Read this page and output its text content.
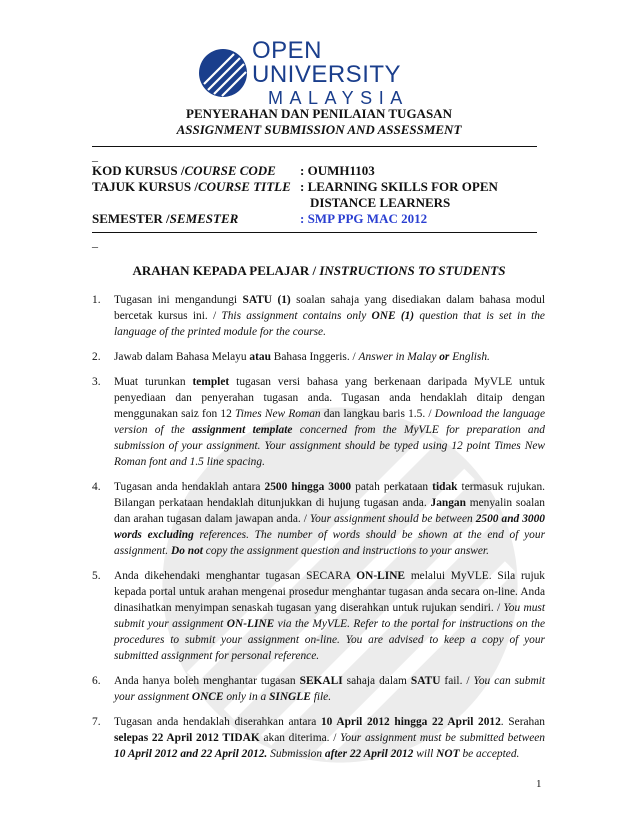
OPEN UNIVERSITY
MALAYSIA
PENYERAHAN DAN PENILAIAN TUGASAN
ASSIGNMENT SUBMISSION AND ASSESSMENT
_
KOD KURSUS /COURSE CODE : OUMH1103
TAJUK KURSUS /COURSE TITLE : LEARNING SKILLS FOR OPEN
DISTANCE LEARNERS
SEMESTER /SEMESTER	: SMP PPG MAC 2012
_
ARAHAN KEPADA PELAJAR / INSTRUCTIONS TO STUDENTS
1. Tugasan ini mengandungi SATU (1) soalan sahaja yang disediakan dalam bahasa modul bercetak kursus ini. / This assignment contains only ONE (1) question that is set in the language of the printed module for the course.
2. Jawab dalam Bahasa Melayu atau Bahasa Inggeris. / Answer in Malay or English.
3. Muat turunkan templet tugasan versi bahasa yang berkenaan daripada MyVLE untuk penyediaan dan penyerahan tugasan anda. Tugasan anda hendaklah ditaip dengan menggunakan saiz fon 12 Times New Roman dan langkau baris 1.5. / Download the language version of the assignment template concerned from the MyVLE for preparation and submission of your assignment. Your assignment should be typed using 12 point Times New Roman font and 1.5 line spacing.
4. Tugasan anda hendaklah antara 2500 hingga 3000 patah perkataan tidak termasuk rujukan. Bilangan perkataan hendaklah ditunjukkan di hujung tugasan anda. Jangan menyalin soalan dan arahan tugasan dalam jawapan anda. / Your assignment should be between 2500 and 3000 words excluding references. The number of words should be shown at the end of your assignment. Do not copy the assignment question and instructions to your answer.
5. Anda dikehendaki menghantar tugasan SECARA ON-LINE melalui MyVLE. Sila rujuk kepada portal untuk arahan mengenai prosedur menghantar tugasan anda secara on-line. Anda dinasihatkan menyimpan senaskah tugasan yang diserahkan untuk rujukan sendiri. / You must submit your assignment ON-LINE via the MyVLE. Refer to the portal for instructions on the procedures to submit your assignment on-line. You are advised to keep a copy of your submitted assignment for personal reference.
6. Anda hanya boleh menghantar tugasan SEKALI sahaja dalam SATU fail. / You can submit your assignment ONCE only in a SINGLE file.
7. Tugasan anda hendaklah diserahkan antara 10 April 2012 hingga 22 April 2012. Serahan selepas 22 April 2012 TIDAK akan diterima. / Your assignment must be submitted between 10 April 2012 and 22 April 2012. Submission after 22 April 2012 will NOT be accepted.
1
